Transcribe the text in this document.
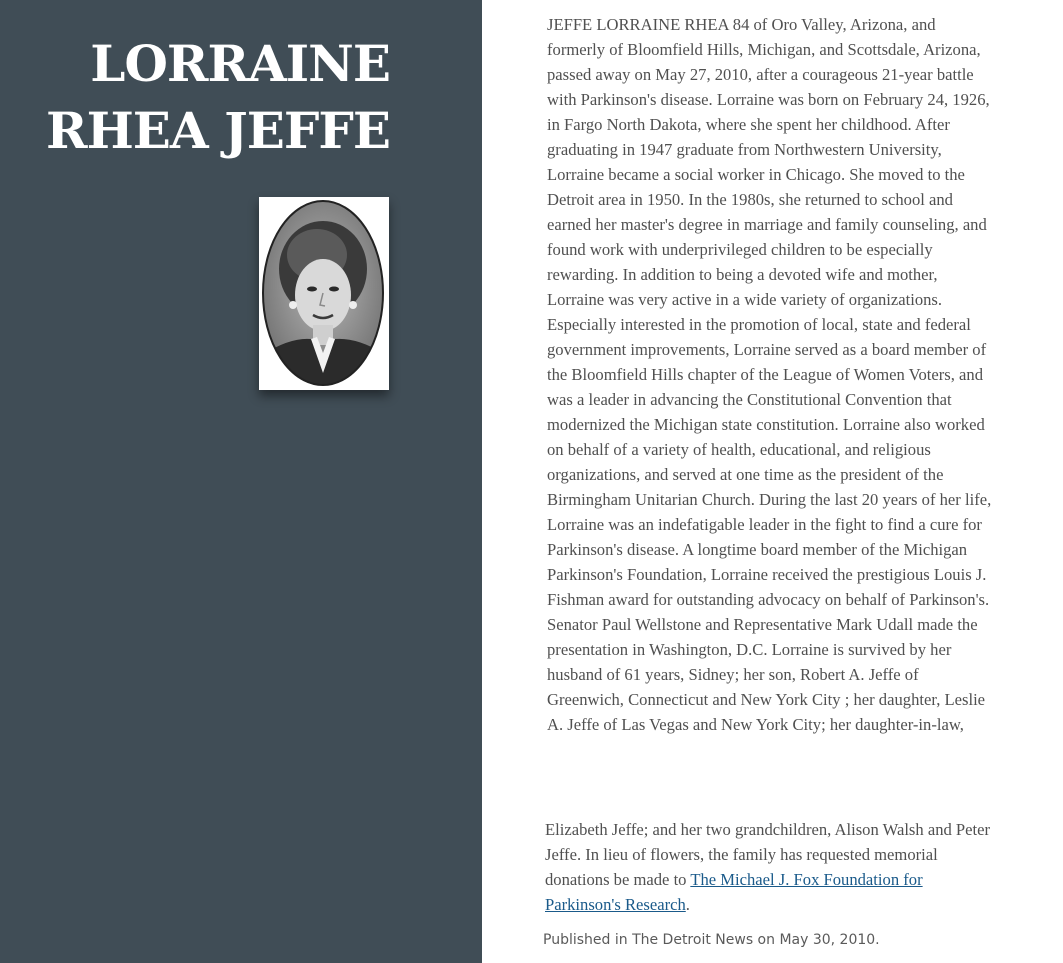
LORRAINE
RHEA JEFFE

JEFFE LORRAINE RHEA 84 of Oro Valley, Arizona, and formerly of Bloomfield Hills, Michigan, and Scottsdale, Arizona, passed away on May 27, 2010, after a courageous 21-year battle with Parkinson's disease. Lorraine was born on February 24, 1926, in Fargo North Dakota, where she spent her childhood. After graduating in 1947 graduate from Northwestern University, Lorraine became a social worker in Chicago. She moved to the Detroit area in 1950. In the 1980s, she returned to school and earned her master's degree in marriage and family counseling, and found work with underprivileged children to be especially rewarding. In addition to being a devoted wife and mother, Lorraine was very active in a wide variety of organizations. Especially interested in the promotion of local, state and federal government improvements, Lorraine served as a board member of the Bloomfield Hills chapter of the League of Women Voters, and was a leader in advancing the Constitutional Convention that modernized the Michigan state constitution. Lorraine also worked on behalf of a variety of health, educational, and religious organizations, and served at one time as the president of the Birmingham Unitarian Church. During the last 20 years of her life, Lorraine was an indefatigable leader in the fight to find a cure for Parkinson's disease. A longtime board member of the Michigan Parkinson's Foundation, Lorraine received the prestigious Louis J. Fishman award for outstanding advocacy on behalf of Parkinson's. Senator Paul Wellstone and Representative Mark Udall made the presentation in Washington, D.C. Lorraine is survived by her husband of 61 years, Sidney; her son, Robert A. Jeffe of Greenwich, Connecticut and New York City ; her daughter, Leslie A. Jeffe of Las Vegas and New York City; her daughter-in-law,

Elizabeth Jeffe; and her two grandchildren, Alison Walsh and Peter Jeffe. In lieu of flowers, the family has requested memorial donations be made to The Michael J. Fox Foundation for Parkinson's Research.

Published in The Detroit News on May 30, 2010.
